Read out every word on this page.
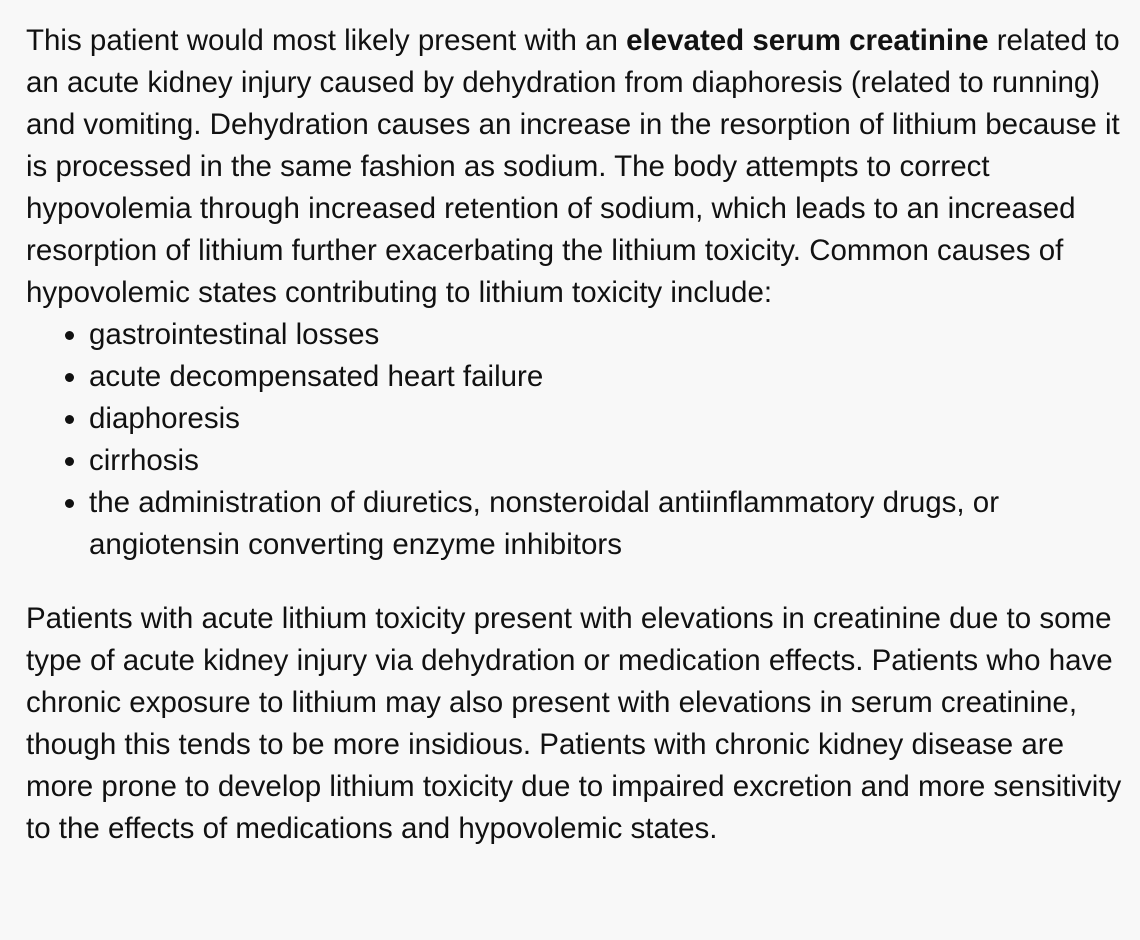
This patient would most likely present with an elevated serum creatinine related to an acute kidney injury caused by dehydration from diaphoresis (related to running) and vomiting. Dehydration causes an increase in the resorption of lithium because it is processed in the same fashion as sodium. The body attempts to correct hypovolemia through increased retention of sodium, which leads to an increased resorption of lithium further exacerbating the lithium toxicity. Common causes of hypovolemic states contributing to lithium toxicity include:

• gastrointestinal losses
• acute decompensated heart failure
• diaphoresis
• cirrhosis
• the administration of diuretics, nonsteroidal antiinflammatory drugs, or angiotensin converting enzyme inhibitors

Patients with acute lithium toxicity present with elevations in creatinine due to some type of acute kidney injury via dehydration or medication effects. Patients who have chronic exposure to lithium may also present with elevations in serum creatinine, though this tends to be more insidious. Patients with chronic kidney disease are more prone to develop lithium toxicity due to impaired excretion and more sensitivity to the effects of medications and hypovolemic states.
